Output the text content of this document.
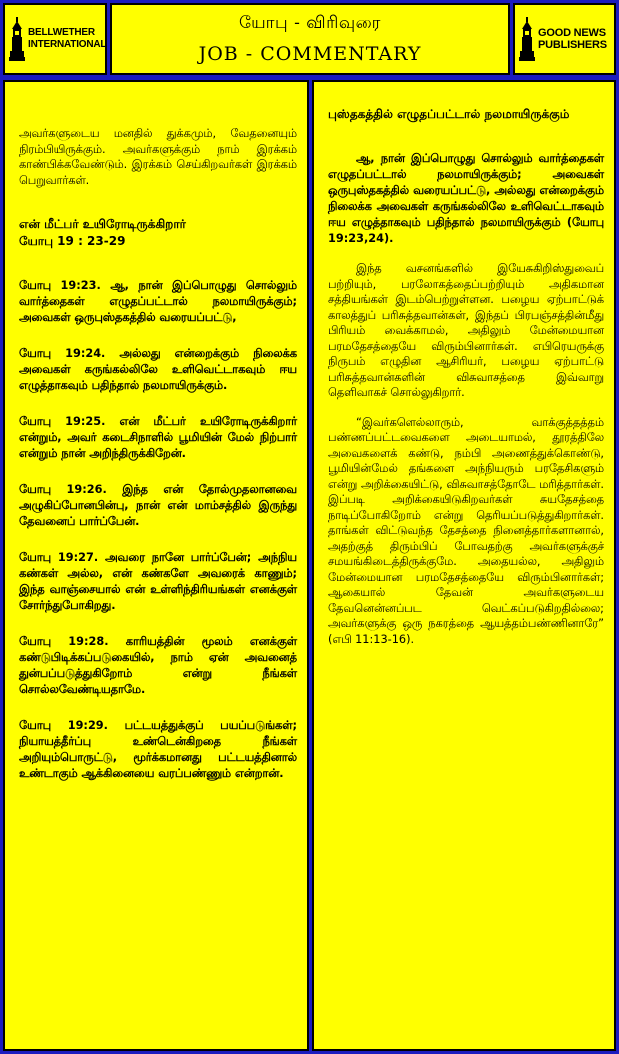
BELLWETHER
INTERNATIONAL
யோபு - விரிவுரை
JOB - COMMENTARY
GOOD NEWS
PUBLISHERS

அவர்களுடைய மனதில் துக்கமும், வேதனையும் நிரம்பியிருக்கும். அவர்களுக்கும் நாம் இரக்கம் காண்பிக்கவேண்டும். இரக்கம் செய்கிறவர்கள் இரக்கம் பெறுவார்கள்.

என் மீட்பர் உயிரோடிருக்கிறார்
யோபு 19 : 23-29

யோபு 19:23. ஆ, நான் இப்பொழுது சொல்லும் வார்த்தைகள் எழுதப்பட்டால் நலமாயிருக்கும்; அவைகள் ஒருபுஸ்தகத்தில் வரையப்பட்டு,

யோபு 19:24. அல்லது என்றைக்கும் நிலைக்க அவைகள் கருங்கல்லிலே உளிவெட்டாகவும் ஈய எழுத்தாகவும் பதிந்தால் நலமாயிருக்கும்.

யோபு 19:25. என் மீட்பர் உயிரோடிருக்கிறார் என்றும், அவர் கடைசிநாளில் பூமியின் மேல் நிற்பார் என்றும் நான் அறிந்திருக்கிறேன்.

யோபு 19:26. இந்த என் தோல்முதலானவை அழுகிப்போனபின்பு, நான் என் மாம்சத்தில் இருந்து தேவனைப் பார்ப்பேன்.

யோபு 19:27. அவரை நானே பார்ப்பேன்; அந்நிய கண்கள் அல்ல, என் கண்களே அவரைக் காணும்; இந்த வாஞ்சையால் என் உள்ளிந்திரியங்கள் எனக்குள் சோர்ந்துபோகிறது.

யோபு 19:28. காரியத்தின் மூலம் எனக்குள் கண்டுபிடிக்கப்படுகையில், நாம் ஏன் அவனைத் துன்பப்படுத்துகிறோம் என்று நீங்கள் சொல்லவேண்டியதாமே.

யோபு 19:29. பட்டயத்துக்குப் பயப்படுங்கள்; நியாயத்தீர்ப்பு உண்டென்கிறதை நீங்கள் அறியும்பொருட்டு, மூர்க்கமானது பட்டயத்தினால் உண்டாகும் ஆக்கினையை வரப்பண்ணும் என்றான்.

புஸ்தகத்தில் எழுதப்பட்டால் நலமாயிருக்கும்

ஆ, நான் இப்பொழுது சொல்லும் வார்த்தைகள் எழுதப்பட்டால் நலமாயிருக்கும்; அவைகள் ஒருபுஸ்தகத்தில் வரையப்பட்டு, அல்லது என்றைக்கும் நிலைக்க அவைகள் கருங்கல்லிலே உளிவெட்டாகவும் ஈய எழுத்தாகவும் பதிந்தால் நலமாயிருக்கும் (யோபு 19:23,24).

இந்த வசனங்களில் இயேசுகிறிஸ்துவைப் பற்றியும், பரலோகத்தைப்பற்றியும் அதிகமான சத்தியங்கள் இடம்பெற்றுள்ளன. பழைய ஏற்பாட்டுக் காலத்துப் பரிசுத்தவான்கள், இந்தப் பிரபஞ்சத்தின்மீது பிரியம் வைக்காமல், அதிலும் மேன்மையான பரமதேசத்தையே விரும்பினார்கள். எபிரெயருக்கு நிருபம் எழுதின ஆசிரியர், பழைய ஏற்பாட்டு பரிசுத்தவான்களின் விசுவாசத்தை இவ்வாறு தெளிவாகச் சொல்லுகிறார்.

“இவர்களெல்லாரும், வாக்குத்தத்தம் பண்ணப்பட்டவைகளை அடையாமல், தூரத்திலே அவைகளைக் கண்டு, நம்பி அணைத்துக்கொண்டு, பூமியின்மேல் தங்களை அந்நியரும் பரதேசிகளும் என்று அறிக்கையிட்டு, விசுவாசத்தோடே மரித்தார்கள். இப்படி அறிக்கையிடுகிறவர்கள் சுயதேசத்தை நாடிப்போகிறோம் என்று தெரியப்படுத்துகிறார்கள். தாங்கள் விட்டுவந்த தேசத்தை நினைத்தார்களானால், அதற்குத் திரும்பிப் போவதற்கு அவர்களுக்குச் சமயங்கிடைத்திருக்குமே. அதையல்ல, அதிலும் மேன்மையான பரமதேசத்தையே விரும்பினார்கள்; ஆகையால் தேவன் அவர்களுடைய தேவனென்னப்பட வெட்கப்படுகிறதில்லை; அவர்களுக்கு ஒரு நகரத்தை ஆயத்தம்பண்ணினாரே” (எபி 11:13-16).
